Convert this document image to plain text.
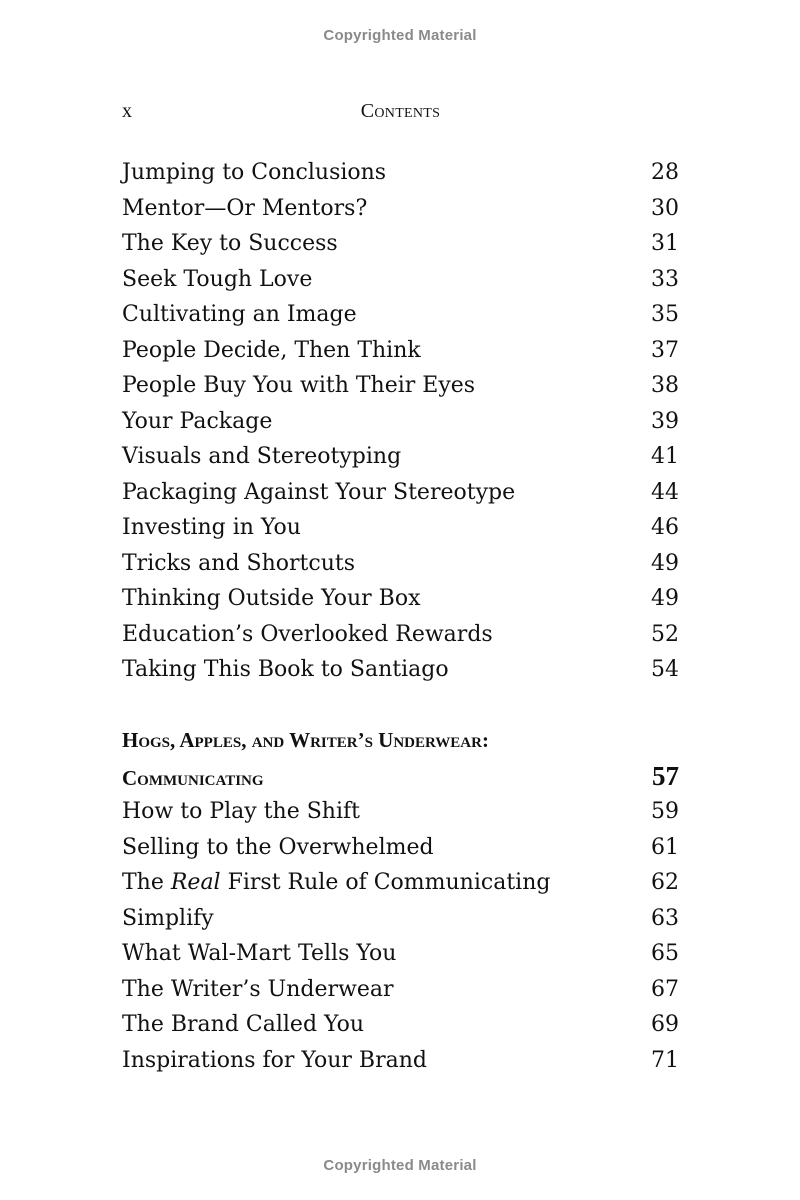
Copyrighted Material
x	Contents
Jumping to Conclusions	28
Mentor—Or Mentors?	30
The Key to Success	31
Seek Tough Love	33
Cultivating an Image	35
People Decide, Then Think	37
People Buy You with Their Eyes	38
Your Package	39
Visuals and Stereotyping	41
Packaging Against Your Stereotype	44
Investing in You	46
Tricks and Shortcuts	49
Thinking Outside Your Box	49
Education’s Overlooked Rewards	52
Taking This Book to Santiago	54
Hogs, Apples, and Writer’s Underwear:
Communicating	57
How to Play the Shift	59
Selling to the Overwhelmed	61
The Real First Rule of Communicating	62
Simplify	63
What Wal-Mart Tells You	65
The Writer’s Underwear	67
The Brand Called You	69
Inspirations for Your Brand	71
Copyrighted Material
